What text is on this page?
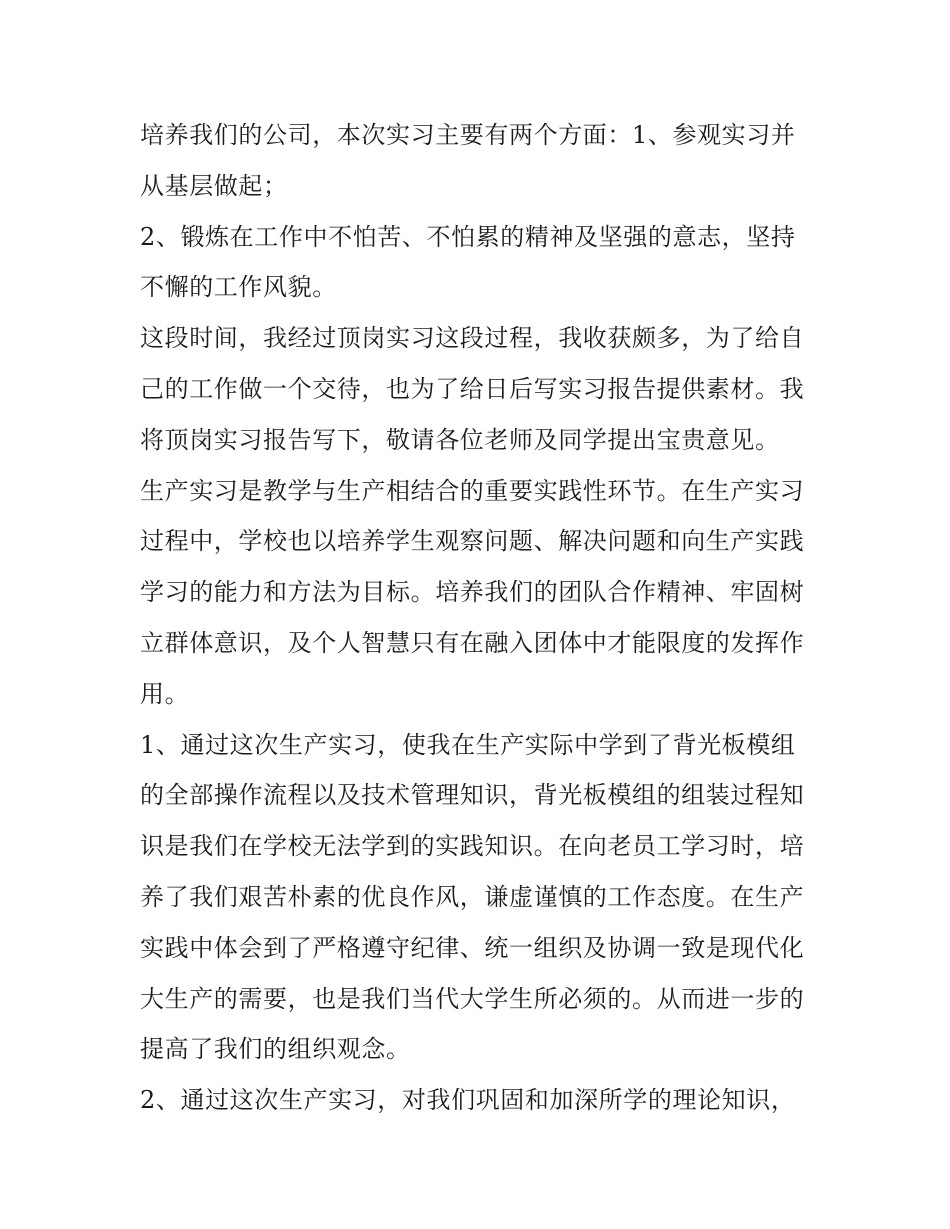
培养我们的公司，本次实习主要有两个方面：1、参观实习并
从基层做起；
2、锻炼在工作中不怕苦、不怕累的精神及坚强的意志，坚持
不懈的工作风貌。
这段时间，我经过顶岗实习这段过程，我收获颇多，为了给自
己的工作做一个交待，也为了给日后写实习报告提供素材。我
将顶岗实习报告写下，敬请各位老师及同学提出宝贵意见。
生产实习是教学与生产相结合的重要实践性环节。在生产实习
过程中，学校也以培养学生观察问题、解决问题和向生产实践
学习的能力和方法为目标。培养我们的团队合作精神、牢固树
立群体意识，及个人智慧只有在融入团体中才能限度的发挥作
用。
1、通过这次生产实习，使我在生产实际中学到了背光板模组
的全部操作流程以及技术管理知识，背光板模组的组装过程知
识是我们在学校无法学到的实践知识。在向老员工学习时，培
养了我们艰苦朴素的优良作风，谦虚谨慎的工作态度。在生产
实践中体会到了严格遵守纪律、统一组织及协调一致是现代化
大生产的需要，也是我们当代大学生所必须的。从而进一步的
提高了我们的组织观念。
2、通过这次生产实习，对我们巩固和加深所学的理论知识，
